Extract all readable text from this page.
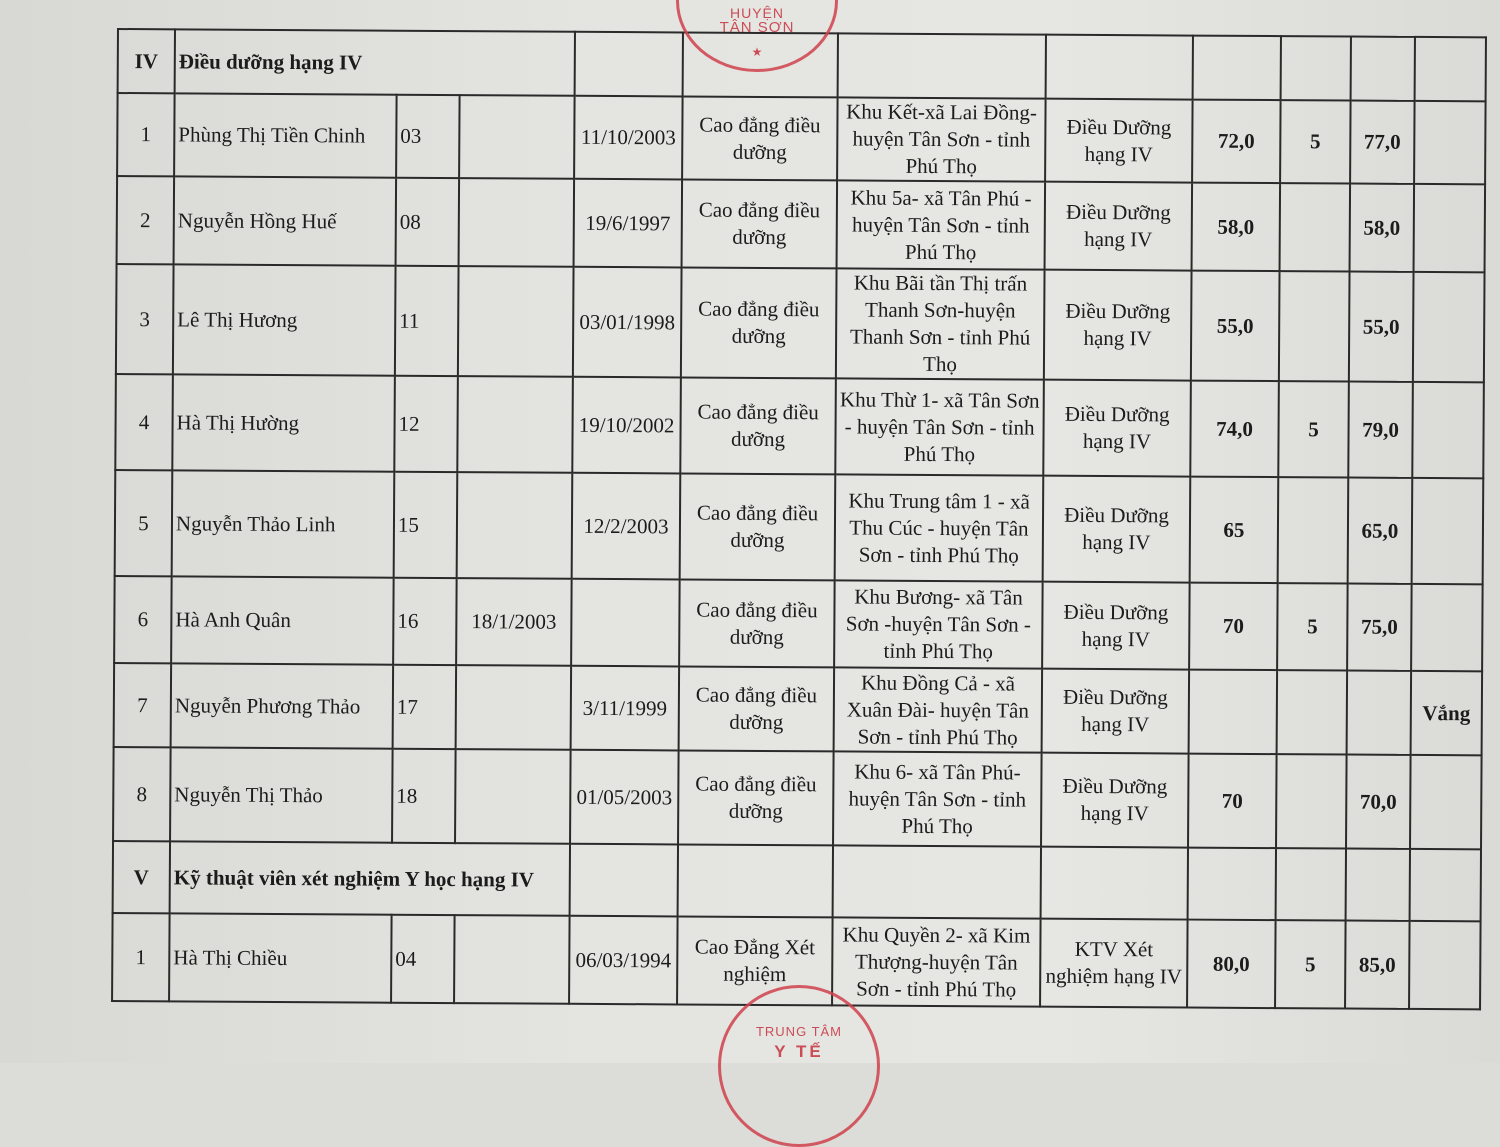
IV	Điều dưỡng hạng IV										
1	Phùng Thị Tiền Chinh	03		11/10/2003	Cao đẳng điều dưỡng	Khu Kết-xã Lai Đồng-huyện Tân Sơn - tỉnh Phú Thọ	Điều Dưỡng hạng IV	72,0	5	77,0	
2	Nguyễn Hồng Huế	08		19/6/1997	Cao đẳng điều dưỡng	Khu 5a- xã Tân Phú - huyện Tân Sơn - tỉnh Phú Thọ	Điều Dưỡng hạng IV	58,0		58,0	
3	Lê Thị Hương	11		03/01/1998	Cao đẳng điều dưỡng	Khu Bãi tần Thị trấn Thanh Sơn-huyện Thanh Sơn - tỉnh Phú Thọ	Điều Dưỡng hạng IV	55,0		55,0	
4	Hà Thị Hường	12		19/10/2002	Cao đẳng điều dưỡng	Khu Thừ 1- xã Tân Sơn - huyện Tân Sơn - tỉnh Phú Thọ	Điều Dưỡng hạng IV	74,0	5	79,0	
5	Nguyễn Thảo Linh	15		12/2/2003	Cao đẳng điều dưỡng	Khu Trung tâm 1 - xã Thu Cúc - huyện Tân Sơn - tỉnh Phú Thọ	Điều Dưỡng hạng IV	65		65,0	
6	Hà Anh Quân	16	18/1/2003		Cao đẳng điều dưỡng	Khu Bương- xã Tân Sơn -huyện Tân Sơn - tỉnh Phú Thọ	Điều Dưỡng hạng IV	70	5	75,0	
7	Nguyễn Phương Thảo	17		3/11/1999	Cao đẳng điều dưỡng	Khu Đồng Cả - xã Xuân Đài- huyện Tân Sơn - tỉnh Phú Thọ	Điều Dưỡng hạng IV				Vắng
8	Nguyễn Thị Thảo	18		01/05/2003	Cao đẳng điều dưỡng	Khu 6- xã Tân Phú- huyện Tân Sơn - tỉnh Phú Thọ	Điều Dưỡng hạng IV	70		70,0	
V	Kỹ thuật viên xét nghiệm Y học hạng IV										
1	Hà Thị Chiều	04		06/03/1994	Cao Đẳng Xét nghiệm	Khu Quyền 2- xã Kim Thượng-huyện Tân Sơn - tỉnh Phú Thọ	KTV Xét nghiệm hạng IV	80,0	5	85,0	
HUYỆN
TÂN SƠN
★
TRUNG TÂM
Y TẾ
